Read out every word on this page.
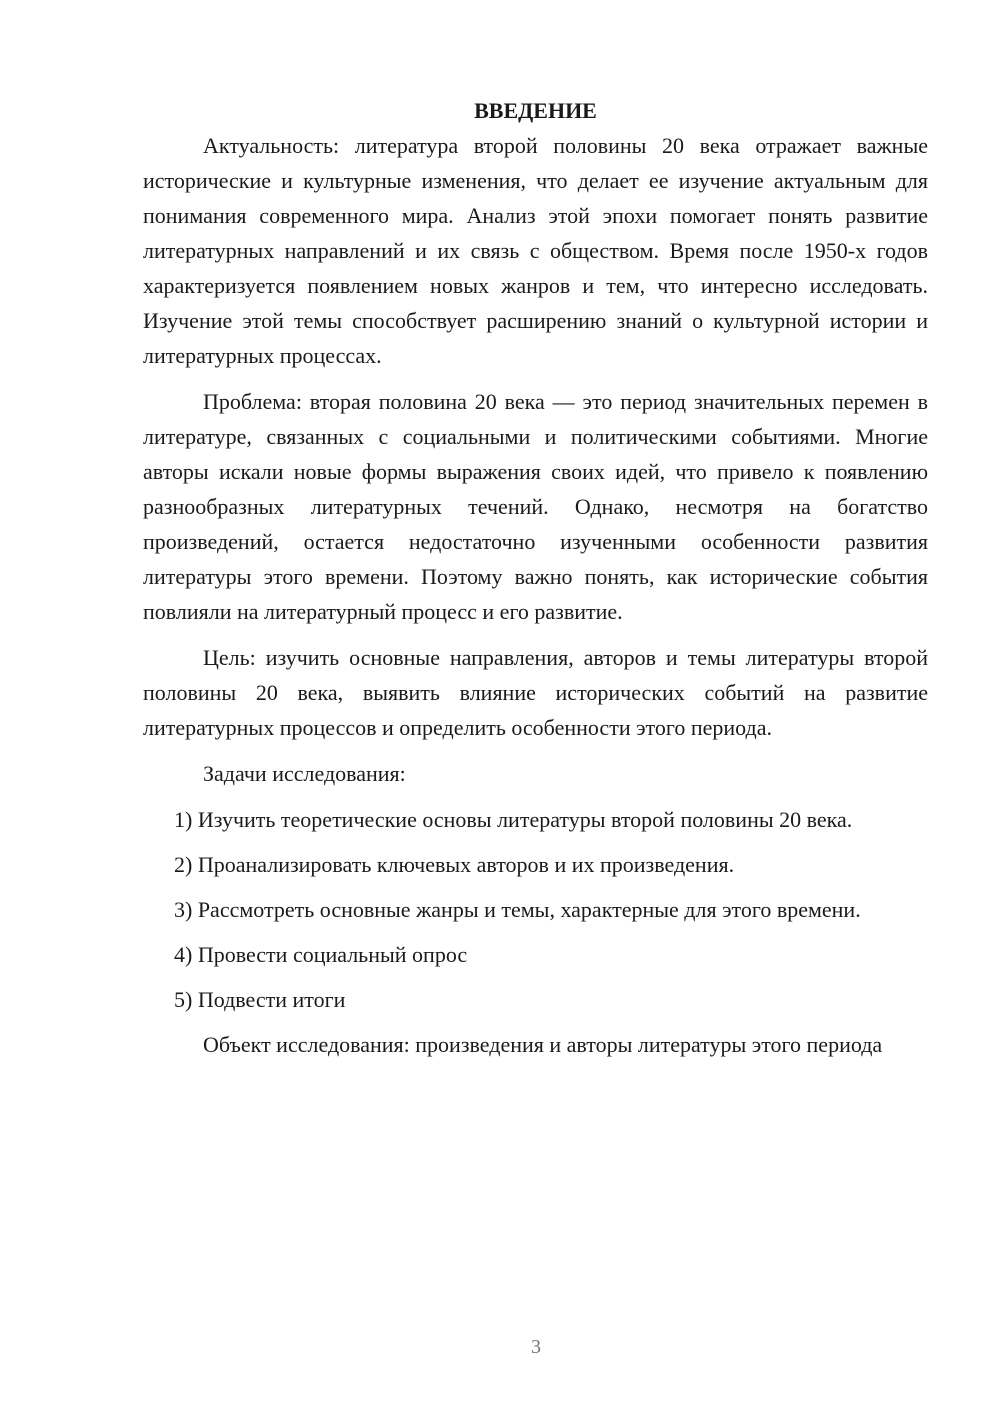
ВВЕДЕНИЕ

Актуальность: литература второй половины 20 века отражает важные исторические и культурные изменения, что делает ее изучение актуальным для понимания современного мира. Анализ этой эпохи помогает понять развитие литературных направлений и их связь с обществом. Время после 1950-х годов характеризуется появлением новых жанров и тем, что интересно исследовать. Изучение этой темы способствует расширению знаний о культурной истории и литературных процессах.

Проблема: вторая половина 20 века — это период значительных перемен в литературе, связанных с социальными и политическими событиями. Многие авторы искали новые формы выражения своих идей, что привело к появлению разнообразных литературных течений. Однако, несмотря на богатство произведений, остается недостаточно изученными особенности развития литературы этого времени. Поэтому важно понять, как исторические события повлияли на литературный процесс и его развитие.

Цель: изучить основные направления, авторов и темы литературы второй половины 20 века, выявить влияние исторических событий на развитие литературных процессов и определить особенности этого периода.

Задачи исследования:

1) Изучить теоретические основы литературы второй половины 20 века.

2) Проанализировать ключевых авторов и их произведения.

3) Рассмотреть основные жанры и темы, характерные для этого времени.

4) Провести социальный опрос

5) Подвести итоги

Объект исследования: произведения и авторы литературы этого периода

3
